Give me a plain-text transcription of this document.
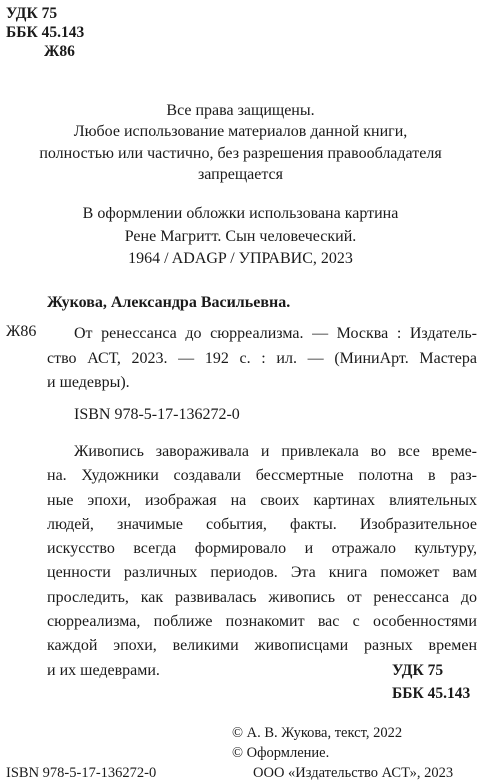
УДК 75
ББК 45.143
Ж86
Все права защищены.
Любое использование материалов данной книги,
полностью или частично, без разрешения правообладателя
запрещается
В оформлении обложки использована картина
Рене Магритт. Сын человеческий.
1964 / ADAGP / УПРАВИС, 2023
Жукова, Александра Васильевна.
Ж86	От ренессанса до сюрреализма. — Москва : Издатель-
ство АСТ, 2023. — 192 с. : ил. — (МиниАрт. Мастера
и шедевры).
ISBN 978-5-17-136272-0
Живопись завораживала и привлекала во все време-
на. Художники создавали бессмертные полотна в раз-
ные эпохи, изображая на своих картинах влиятельных
людей, значимые события, факты. Изобразительное
искусство всегда формировало и отражало культуру,
ценности различных периодов. Эта книга поможет вам
проследить, как развивалась живопись от ренессанса до
сюрреализма, поближе познакомит вас с особенностями
каждой эпохи, великими живописцами разных времен
и их шедеврами.	УДК 75
ББК 45.143
© А. В. Жукова, текст, 2022
© Оформление.
ООО «Издательство АСТ», 2023
ISBN 978-5-17-136272-0
